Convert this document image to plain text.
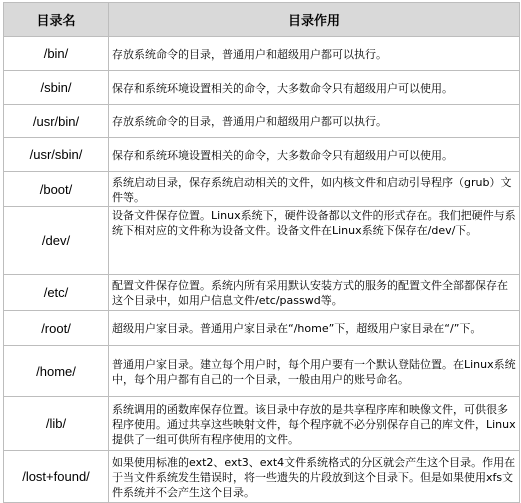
目录名	目录作用
/bin/	存放系统命令的目录，普通用户和超级用户都可以执行。
/sbin/	保存和系统环境设置相关的命令，大多数命令只有超级用户可以使用。
/usr/bin/	存放系统命令的目录，普通用户和超级用户都可以执行。
/usr/sbin/	保存和系统环境设置相关的命令，大多数命令只有超级用户可以使用。
/boot/	系统启动目录，保存系统启动相关的文件，如内核文件和启动引导程序（grub）文件等。
/dev/	设备文件保存位置。Linux系统下，硬件设备都以文件的形式存在。我们把硬件与系统下相对应的文件称为设备文件。设备文件在Linux系统下保存在/dev/下。
/etc/	配置文件保存位置。系统内所有采用默认安装方式的服务的配置文件全部都保存在这个目录中，如用户信息文件/etc/passwd等。
/root/	超级用户家目录。普通用户家目录在“/home”下，超级用户家目录在“/”下。
/home/	普通用户家目录。建立每个用户时，每个用户要有一个默认登陆位置。在Linux系统中，每个用户都有自己的一个目录，一般由用户的账号命名。
/lib/	系统调用的函数库保存位置。该目录中存放的是共享程序库和映像文件，可供很多程序使用。通过共享这些映射文件，每个程序就不必分别保存自己的库文件，Linux提供了一组可供所有程序使用的文件。
/lost+found/	如果使用标准的ext2、ext3、ext4文件系统格式的分区就会产生这个目录。作用在于当文件系统发生错误时，将一些遗失的片段放到这个目录下。但是如果使用xfs文件系统并不会产生这个目录。
